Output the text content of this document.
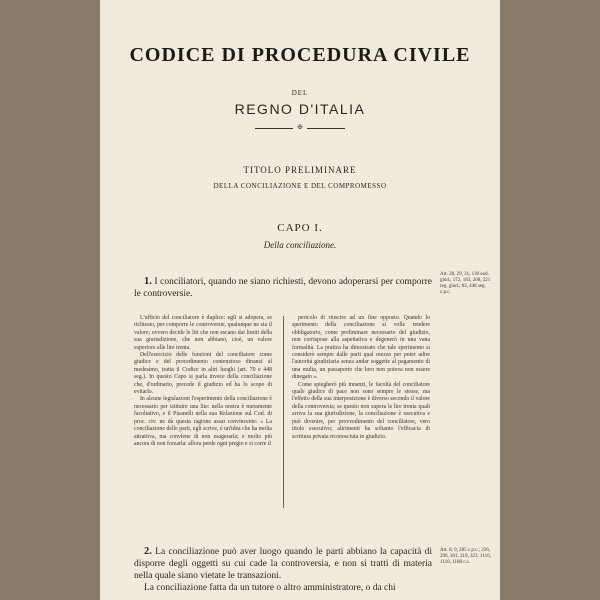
CODICE DI PROCEDURA CIVILE
DEL
REGNO D'ITALIA
✠
TITOLO PRELIMINARE
DELLA CONCILIAZIONE E DEL COMPROMESSO
CAPO I.
Della conciliazione.

1. I conciliatori, quando ne siano richiesti, devono adoperarsi per comporre le controversie.

Art. 28, 29, 31, 130 eod. giud.; 172, 183, 208, 221 reg. giud.; 83, 448 seg. c.p.c.

L'ufficio del conciliatore è duplice: egli si adopera, se richiesto, per comporre le controversie, qualunque ne sia il valore; ovvero decide le liti che non escano dai limiti della sua giurisdizione, che non abbiano, cioè, un valore superiore alle lire trenta.

Dell'esercizio delle funzioni del conciliatore come giudice e del procedimento contenzioso dinanzi al medesimo, tratta il Codice in altri luoghi (art. 70 e 448 seg.). In questo Capo si parla invece della conciliazione che, d'ordinario, precede il giudizio ed ha lo scopo di evitarlo.

In alcune legislazioni l'esperimento della conciliazione è necessario per istituire una lite: nella nostra è meramente facoltativo, e il Pisanelli nella sua Relazione sul Cod. di proc. civ. ne dà questa ragione assai convincente: « La conciliazione delle parti, egli scrive, è un'idea che ha molta attrattiva, ma conviene di non esagerarla; e molto più ancora di non forzarla: allora perde ogni pregio e si corre il

pericolo di riuscire ad un fine opposto. Quando lo sperimento della conciliazione si volle rendere obbligatorio, come preliminare necessario del giudizio, non corrispose alla aspettativa e degenerò in una vana formalità. La pratica ha dimostrato che tale sperimento si considerò sempre dalle parti qual mezzo per poter adire l'autorità giudiziaria senza andar soggette al pagamento di una multa, un passaporto che loro non poteva non essere dinegato ».

Come spiegherò più innanzi, le facoltà del conciliatore quale giudice di pace non sono sempre le stesse, ma l'effetto della sua interposizione è diverso secondo il valore della controversia; se questo non supera le lire trenta quali arriva la sua giurisdizione, la conciliazione è esecutiva e può divenire, per provvedimento del conciliatore, vero titolo esecutivo; altrimenti ha soltanto l'efficacia di scrittura privata riconosciuta in giudizio.

2. La conciliazione può aver luogo quando le parti abbiano la capacità di disporre degli oggetti su cui cade la controversia, e non si tratti di materia nella quale siano vietate le transazioni.

La conciliazione fatta da un tutore o altro amministratore, o da chi

Art. 8, 9, 285 c.p.c.; 226, 296, 301, 319, 323, 1116, 1110, 1188 c.c.
